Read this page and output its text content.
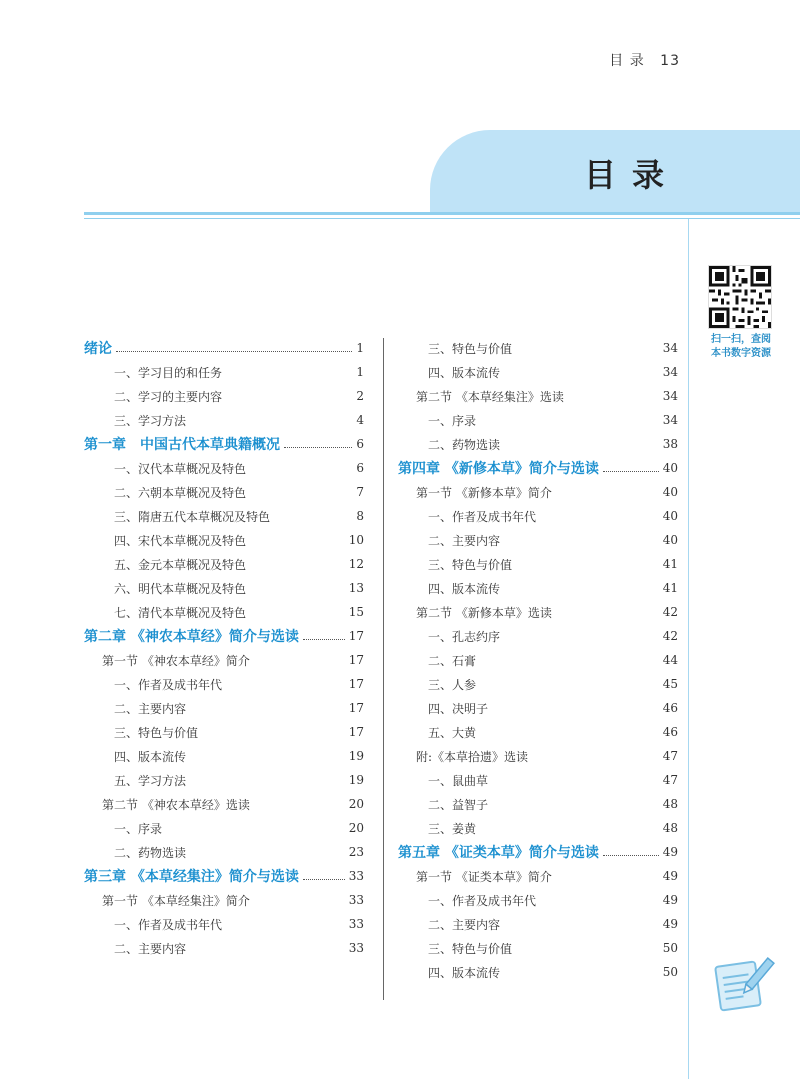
目 录 13
目录
扫一扫，查阅
本书数字资源
绪论	1
一、学习目的和任务	1
二、学习的主要内容	2
三、学习方法	4
第一章　中国古代本草典籍概况	6
一、汉代本草概况及特色	6
二、六朝本草概况及特色	7
三、隋唐五代本草概况及特色	8
四、宋代本草概况及特色	10
五、金元本草概况及特色	12
六、明代本草概况及特色	13
七、清代本草概况及特色	15
第二章 《神农本草经》简介与选读	17
第一节 《神农本草经》简介	17
一、作者及成书年代	17
二、主要内容	17
三、特色与价值	17
四、版本流传	19
五、学习方法	19
第二节 《神农本草经》选读	20
一、序录	20
二、药物选读	23
第三章 《本草经集注》简介与选读	33
第一节 《本草经集注》简介	33
一、作者及成书年代	33
二、主要内容	33
三、特色与价值	34
四、版本流传	34
第二节 《本草经集注》选读	34
一、序录	34
二、药物选读	38
第四章 《新修本草》简介与选读	40
第一节 《新修本草》简介	40
一、作者及成书年代	40
二、主要内容	40
三、特色与价值	41
四、版本流传	41
第二节 《新修本草》选读	42
一、孔志约序	42
二、石膏	44
三、人参	45
四、决明子	46
五、大黄	46
附:《本草拾遗》选读	47
一、鼠曲草	47
二、益智子	48
三、姜黄	48
第五章 《证类本草》简介与选读	49
第一节 《证类本草》简介	49
一、作者及成书年代	49
二、主要内容	49
三、特色与价值	50
四、版本流传	50
